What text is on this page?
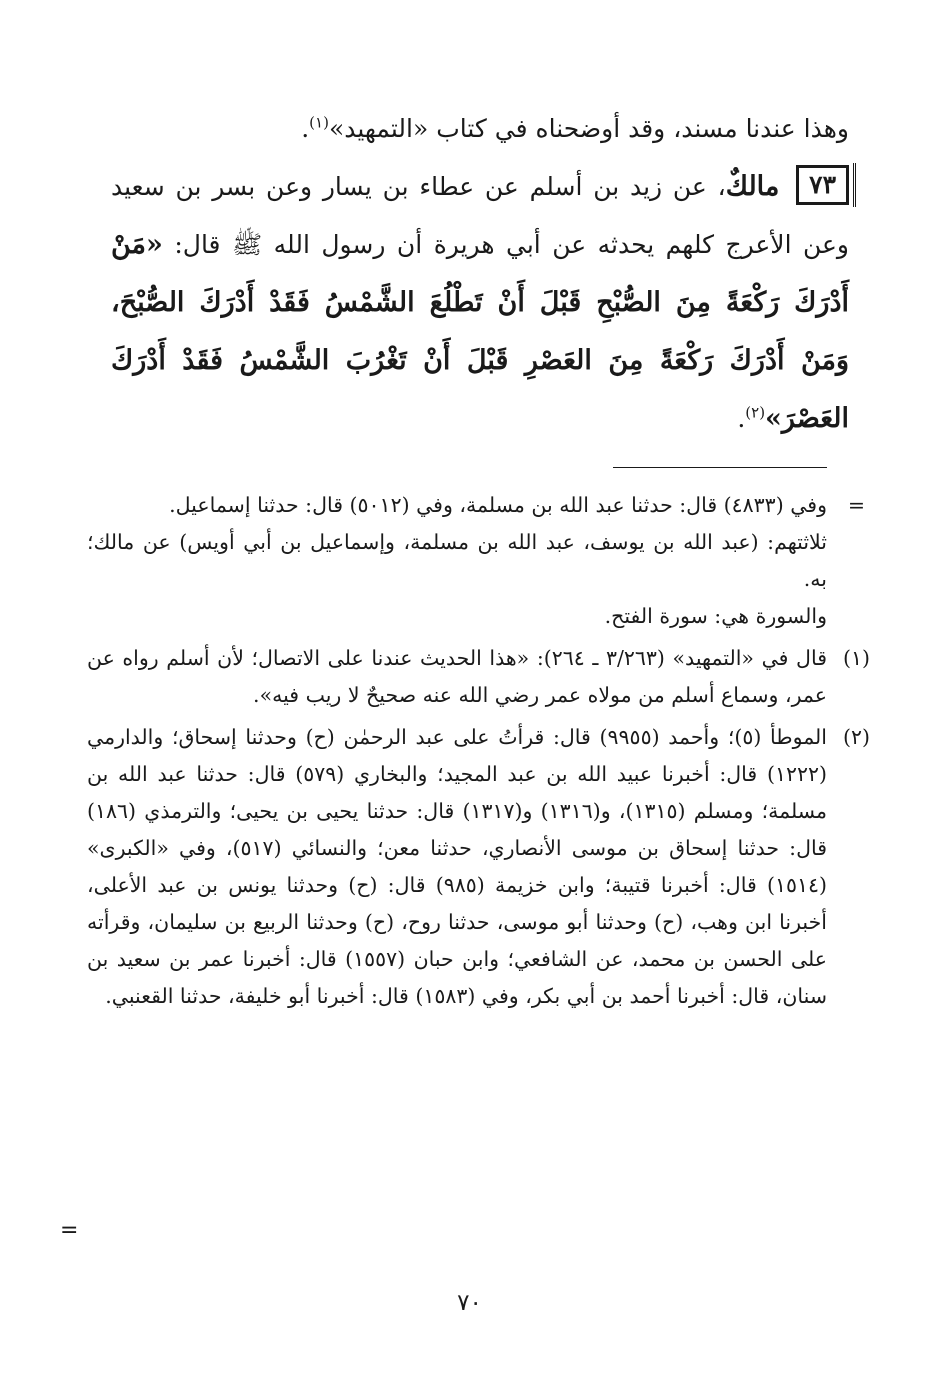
وهذا عندنا مسند، وقد أوضحناه في كتاب «التمهيد»$^{(١)}$.

٧٣ مالكٌ، عن زيد بن أسلم عن عطاء بن يسار وعن بسر بن سعيد وعن الأعرج كلهم يحدثه عن أبي هريرة أن رسول الله ﷺ قال: «مَنْ أَدْرَكَ رَكْعَةً مِنَ الصُّبْحِ قَبْلَ أَنْ تَطْلُعَ الشَّمْسُ فَقَدْ أَدْرَكَ الصُّبْحَ، وَمَنْ أَدْرَكَ رَكْعَةً مِنَ العَصْرِ قَبْلَ أَنْ تَغْرُبَ الشَّمْسُ فَقَدْ أَدْرَكَ العَصْرَ»$^{(٢)}$.

=

وفي (٤٨٣٣) قال: حدثنا عبد الله بن مسلمة، وفي (٥٠١٢) قال: حدثنا إسماعيل.

ثلاثتهم: (عبد الله بن يوسف، عبد الله بن مسلمة، وإسماعيل بن أبي أويس) عن مالك؛ به.

والسورة هي: سورة الفتح.

(١)

قال في «التمهيد» (٣/٢٦٣ ـ ٢٦٤): «هذا الحديث عندنا على الاتصال؛ لأن أسلم رواه عن عمر، وسماع أسلم من مولاه عمر رضي الله عنه صحيحٌ لا ريب فيه».

(٢)

الموطأ (٥)؛ وأحمد (٩٩٥٥) قال: قرأتُ على عبد الرحمٰن (ح) وحدثنا إسحاق؛ والدارمي (١٢٢٢) قال: أخبرنا عبيد الله بن عبد المجيد؛ والبخاري (٥٧٩) قال: حدثنا عبد الله بن مسلمة؛ ومسلم (١٣١٥)، و(١٣١٦) و(١٣١٧) قال: حدثنا يحيى بن يحيى؛ والترمذي (١٨٦) قال: حدثنا إسحاق بن موسى الأنصاري، حدثنا معن؛ والنسائي (٥١٧)، وفي «الكبرى» (١٥١٤) قال: أخبرنا قتيبة؛ وابن خزيمة (٩٨٥) قال: (ح) وحدثنا يونس بن عبد الأعلى، أخبرنا ابن وهب، (ح) وحدثنا أبو موسى، حدثنا روح، (ح) وحدثنا الربيع بن سليمان، وقرأته على الحسن بن محمد، عن الشافعي؛ وابن حبان (١٥٥٧) قال: أخبرنا عمر بن سعيد بن سنان، قال: أخبرنا أحمد بن أبي بكر، وفي (١٥٨٣) قال: أخبرنا أبو خليفة، حدثنا القعنبي.

=
٧٠
